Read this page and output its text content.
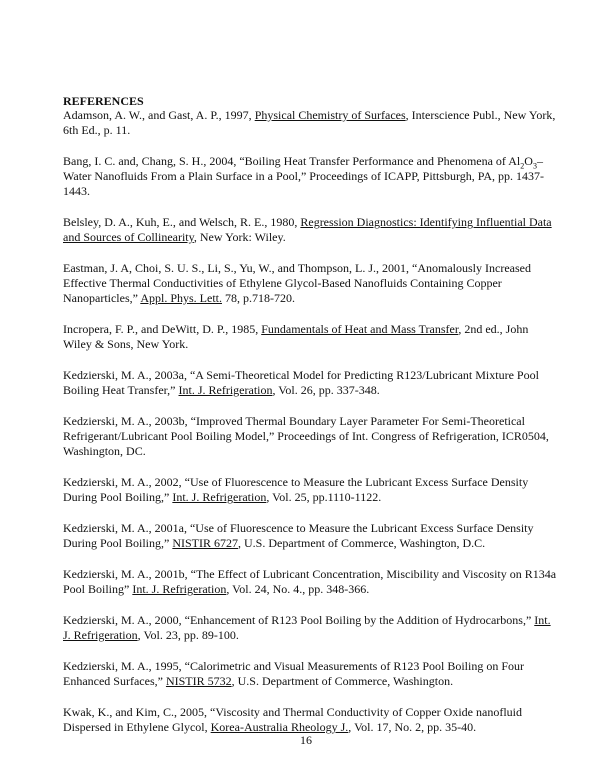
REFERENCES
Adamson, A. W., and Gast, A. P., 1997, Physical Chemistry of Surfaces, Interscience Publ., New York, 6th Ed., p. 11.
Bang, I. C. and, Chang, S. H., 2004, “Boiling Heat Transfer Performance and Phenomena of $Al_2O_3$–Water Nanofluids From a Plain Surface in a Pool,” Proceedings of ICAPP, Pittsburgh, PA, pp. 1437-1443.
Belsley, D. A., Kuh, E., and Welsch, R. E., 1980, Regression Diagnostics: Identifying Influential Data and Sources of Collinearity, New York: Wiley.
Eastman, J. A, Choi, S. U. S., Li, S., Yu, W., and Thompson, L. J., 2001, “Anomalously Increased Effective Thermal Conductivities of Ethylene Glycol-Based Nanofluids Containing Copper Nanoparticles,” Appl. Phys. Lett. 78, p.718-720.
Incropera, F. P., and DeWitt, D. P., 1985, Fundamentals of Heat and Mass Transfer, 2nd ed., John Wiley & Sons, New York.
Kedzierski, M. A., 2003a, “A Semi-Theoretical Model for Predicting R123/Lubricant Mixture Pool Boiling Heat Transfer,” Int. J. Refrigeration, Vol. 26, pp. 337-348.
Kedzierski, M. A., 2003b, “Improved Thermal Boundary Layer Parameter For Semi-Theoretical Refrigerant/Lubricant Pool Boiling Model,” Proceedings of Int. Congress of Refrigeration, ICR0504, Washington, DC.
Kedzierski, M. A., 2002, “Use of Fluorescence to Measure the Lubricant Excess Surface Density During Pool Boiling,” Int. J. Refrigeration, Vol. 25, pp.1110-1122.
Kedzierski, M. A., 2001a, “Use of Fluorescence to Measure the Lubricant Excess Surface Density During Pool Boiling,” NISTIR 6727, U.S. Department of Commerce, Washington, D.C.
Kedzierski, M. A., 2001b, “The Effect of Lubricant Concentration, Miscibility and Viscosity on R134a Pool Boiling” Int. J. Refrigeration, Vol. 24, No. 4., pp. 348-366.
Kedzierski, M. A., 2000, “Enhancement of R123 Pool Boiling by the Addition of Hydrocarbons,” Int. J. Refrigeration, Vol. 23, pp. 89-100.
Kedzierski, M. A., 1995, “Calorimetric and Visual Measurements of R123 Pool Boiling on Four Enhanced Surfaces,” NISTIR 5732, U.S. Department of Commerce, Washington.
Kwak, K., and Kim, C., 2005, “Viscosity and Thermal Conductivity of Copper Oxide nanofluid Dispersed in Ethylene Glycol, Korea-Australia Rheology J., Vol. 17, No. 2, pp. 35-40.
16
